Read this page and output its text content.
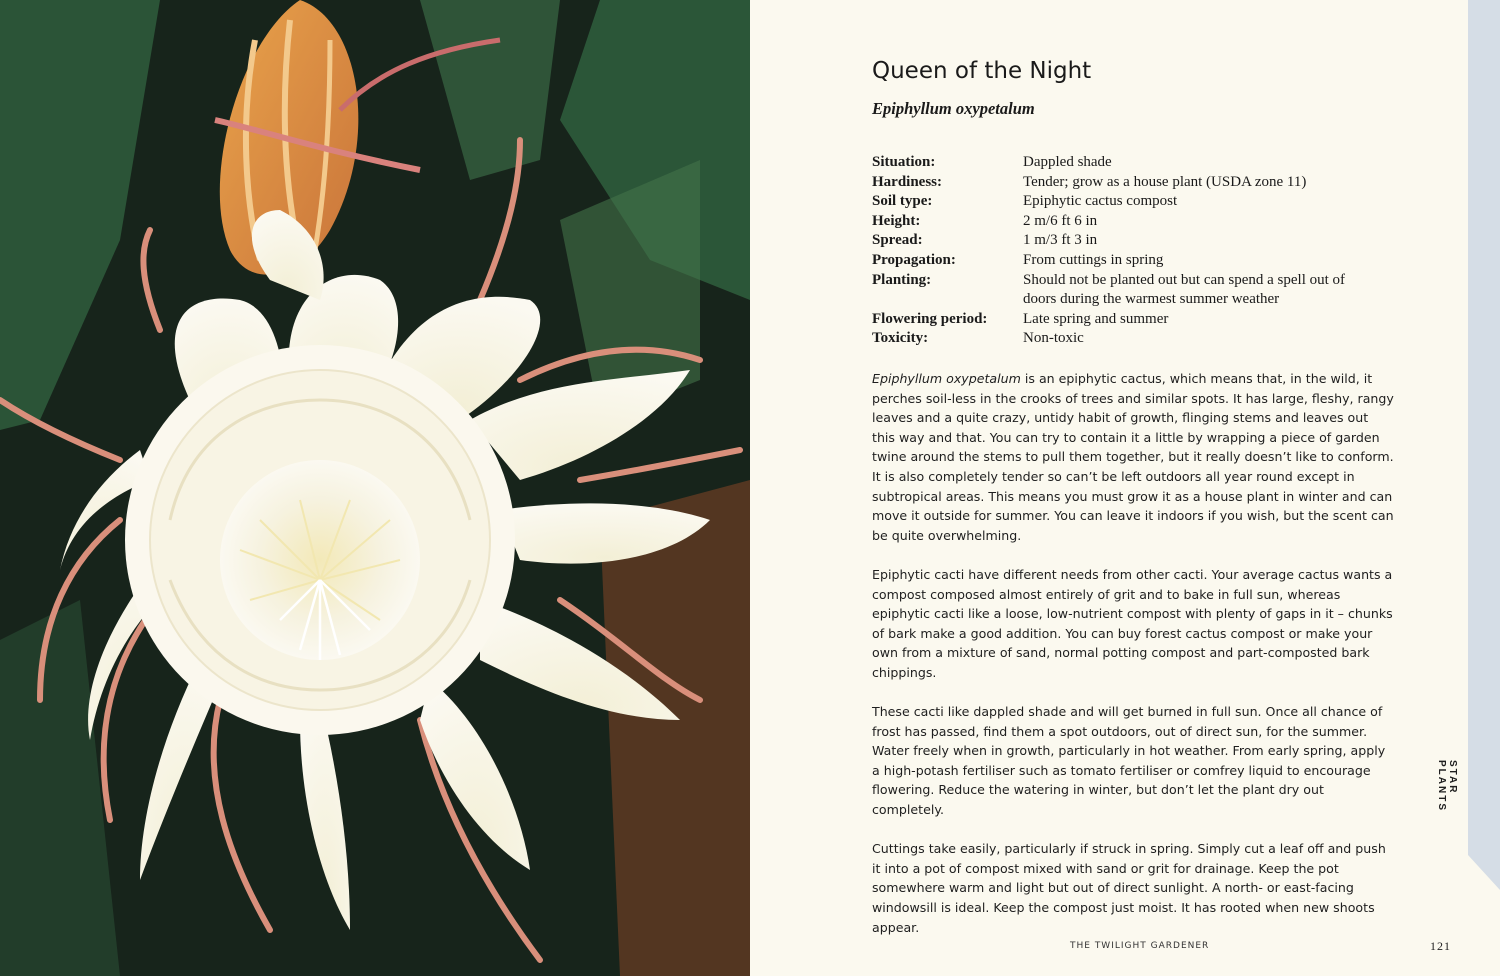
STAR PLANTS
Queen of the Night
Epiphyllum oxypetalum
Situation:	Dappled shade
Hardiness:	Tender; grow as a house plant (USDA zone 11)
Soil type:	Epiphytic cactus compost
Height:	2 m/6 ft 6 in
Spread:	1 m/3 ft 3 in
Propagation:	From cuttings in spring
Planting:	Should not be planted out but can spend a spell out of doors during the warmest summer weather
Flowering period:	Late spring and summer
Toxicity:	Non-toxic

Epiphyllum oxypetalum is an epiphytic cactus, which means that, in the wild, it perches soil-less in the crooks of trees and similar spots. It has large, fleshy, rangy leaves and a quite crazy, untidy habit of growth, flinging stems and leaves out this way and that. You can try to contain it a little by wrapping a piece of garden twine around the stems to pull them together, but it really doesn’t like to conform. It is also completely tender so can’t be left outdoors all year round except in subtropical areas. This means you must grow it as a house plant in winter and can move it outside for summer. You can leave it indoors if you wish, but the scent can be quite overwhelming.

Epiphytic cacti have different needs from other cacti. Your average cactus wants a compost composed almost entirely of grit and to bake in full sun, whereas epiphytic cacti like a loose, low-nutrient compost with plenty of gaps in it – chunks of bark make a good addition. You can buy forest cactus compost or make your own from a mixture of sand, normal potting compost and part-composted bark chippings.

These cacti like dappled shade and will get burned in full sun. Once all chance of frost has passed, find them a spot outdoors, out of direct sun, for the summer. Water freely when in growth, particularly in hot weather. From early spring, apply a high-potash fertiliser such as tomato fertiliser or comfrey liquid to encourage flowering. Reduce the watering in winter, but don’t let the plant dry out completely.

Cuttings take easily, particularly if struck in spring. Simply cut a leaf off and push it into a pot of compost mixed with sand or grit for drainage. Keep the pot somewhere warm and light but out of direct sunlight. A north- or east-facing windowsill is ideal. Keep the compost just moist. It has rooted when new shoots appear.

THE TWILIGHT GARDENER	121
